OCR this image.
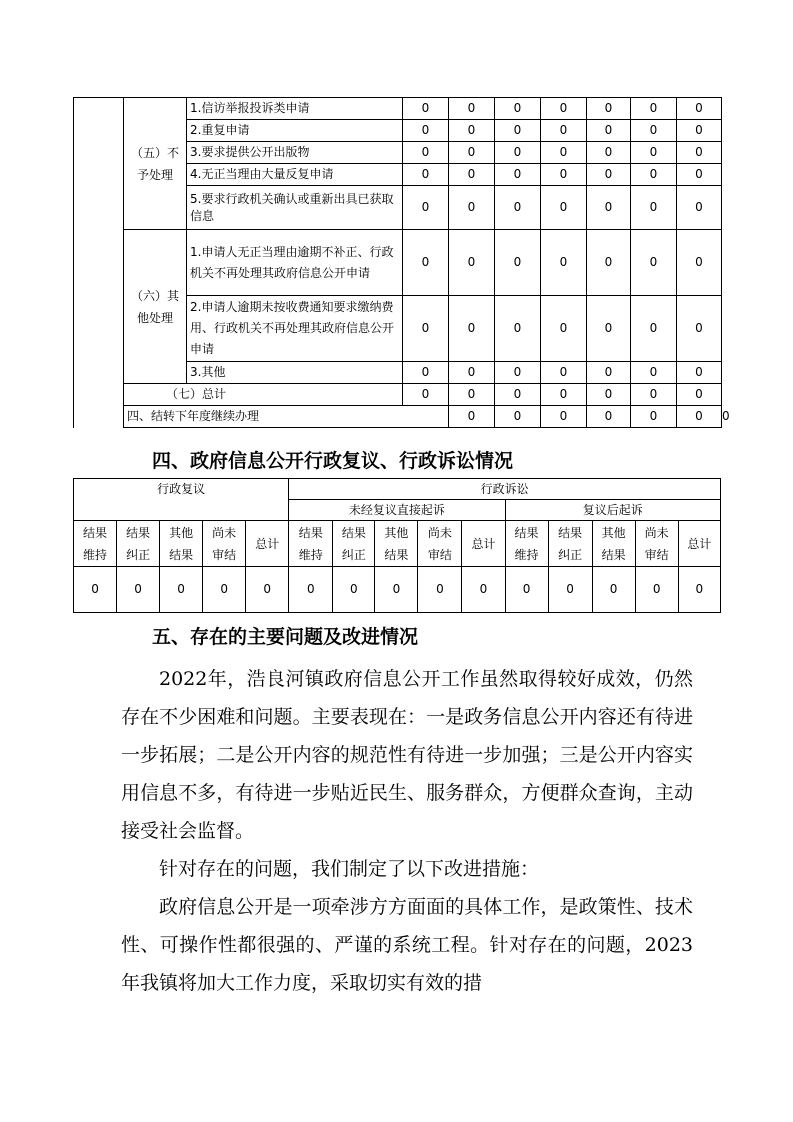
	（五）不予处理	1.信访举报投诉类申请	0	0	0	0	0	0	0	
		2.重复申请	0	0	0	0	0	0	0	
		3.要求提供公开出版物	0	0	0	0	0	0	0	
		4.无正当理由大量反复申请	0	0	0	0	0	0	0	
		5.要求行政机关确认或重新出具已获取信息	0	0	0	0	0	0	0	
	（六）其他处理	1.申请人无正当理由逾期不补正、行政机关不再处理其政府信息公开申请	0	0	0	0	0	0	0	
		2.申请人逾期未按收费通知要求缴纳费用、行政机关不再处理其政府信息公开申请	0	0	0	0	0	0	0	
		3.其他	0	0	0	0	0	0	0	
	（七）总计		0	0	0	0	0	0	0	
	四、结转下年度继续办理			0	0	0	0	0	0	0
四、政府信息公开行政复议、行政诉讼情况
行政复议					行政诉讼									
					未经复议直接起诉					复议后起诉				
结果维持	结果纠正	其他结果	尚未审结	总计	结果维持	结果纠正	其他结果	尚未审结	总计	结果维持	结果纠正	其他结果	尚未审结	总计
0	0	0	0	0	0	0	0	0	0	0	0	0	0	0
五、存在的主要问题及改进情况

2022年，浩良河镇政府信息公开工作虽然取得较好成效，仍然存在不少困难和问题。主要表现在：一是政务信息公开内容还有待进一步拓展；二是公开内容的规范性有待进一步加强；三是公开内容实用信息不多，有待进一步贴近民生、服务群众，方便群众查询，主动接受社会监督。

针对存在的问题，我们制定了以下改进措施：

政府信息公开是一项牵涉方方面面的具体工作，是政策性、技术性、可操作性都很强的、严谨的系统工程。针对存在的问题，2023年我镇将加大工作力度，采取切实有效的措
